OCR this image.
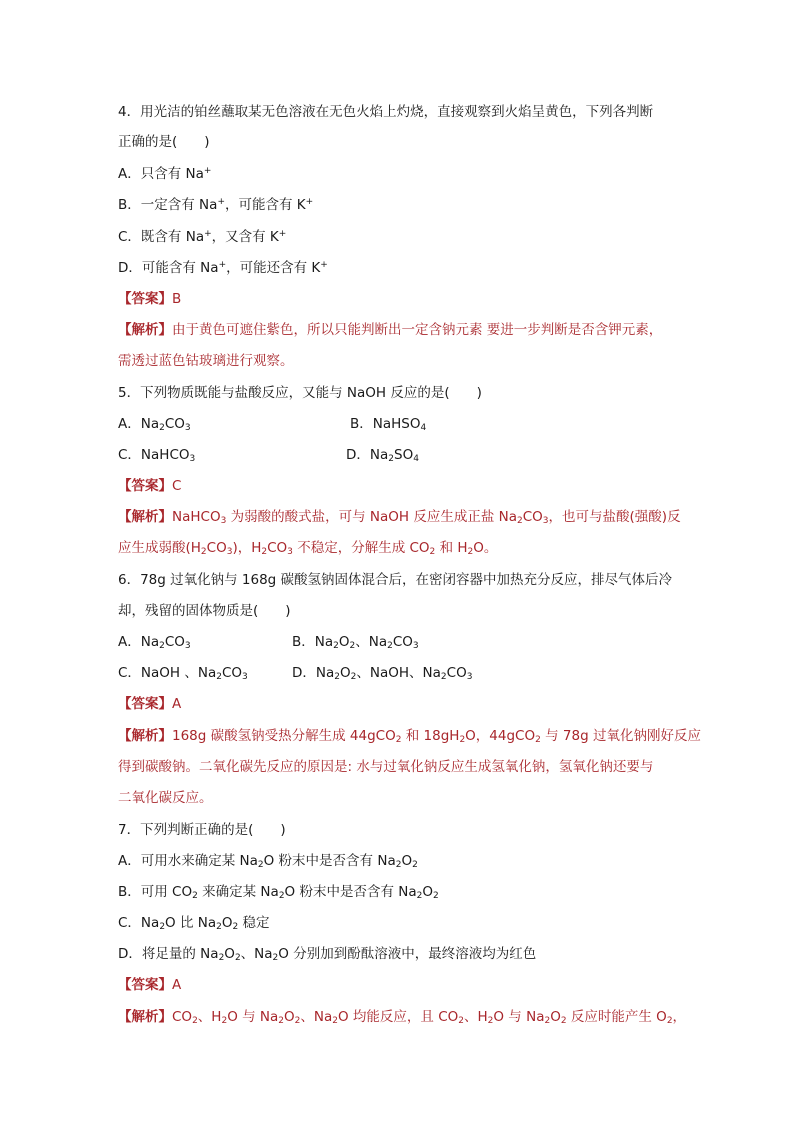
4．用光洁的铂丝蘸取某无色溶液在无色火焰上灼烧，直接观察到火焰呈黄色，下列各判断
正确的是(　　)
A．只含有 Na+
B．一定含有 Na+，可能含有 K+
C．既含有 Na+，又含有 K+
D．可能含有 Na+，可能还含有 K+
【答案】B
【解析】由于黄色可遮住紫色，所以只能判断出一定含钠元素 要进一步判断是否含钾元素，
需透过蓝色钴玻璃进行观察。
5．下列物质既能与盐酸反应，又能与 NaOH 反应的是(　　)
A．$Na_2CO_3$	B．NaHSO$_4$
C．NaHCO$_3$	D．$Na_2SO_4$
【答案】C
【解析】NaHCO$_3$ 为弱酸的酸式盐，可与 NaOH 反应生成正盐 $Na_2CO_3$，也可与盐酸(强酸)反
应生成弱酸$(H_2CO_3)$，$H_2CO_3$ 不稳定，分解生成 $CO_2$ 和 $H_2O$。
6．78g 过氧化钠与 168g 碳酸氢钠固体混合后，在密闭容器中加热充分反应，排尽气体后冷
却，残留的固体物质是(　　)
A．$Na_2CO_3$	B．$Na_2O_2$、$Na_2CO_3$
C．NaOH 、$Na_2CO_3$	D．$Na_2O_2$、NaOH、$Na_2CO_3$
【答案】A
【解析】168g 碳酸氢钠受热分解生成 44gCO$_2$ 和 $18gH_2O$，44gCO$_2$ 与 78g 过氧化钠刚好反应
得到碳酸钠。二氧化碳先反应的原因是: 水与过氧化钠反应生成氢氧化钠，氢氧化钠还要与
二氧化碳反应。
7．下列判断正确的是(　　)
A．可用水来确定某 $Na_2O$ 粉末中是否含有 $Na_2O_2$
B．可用 $CO_2$ 来确定某 $Na_2O$ 粉末中是否含有 $Na_2O_2$
C．$Na_2O$ 比 $Na_2O_2$ 稳定
D．将足量的 $Na_2O_2$、$Na_2O$ 分别加到酚酞溶液中，最终溶液均为红色
【答案】A
【解析】$CO_2$、$H_2O$ 与 $Na_2O_2$、$Na_2O$ 均能反应，且 $CO_2$、$H_2O$ 与 $Na_2O_2$ 反应时能产生 $O_2$，
